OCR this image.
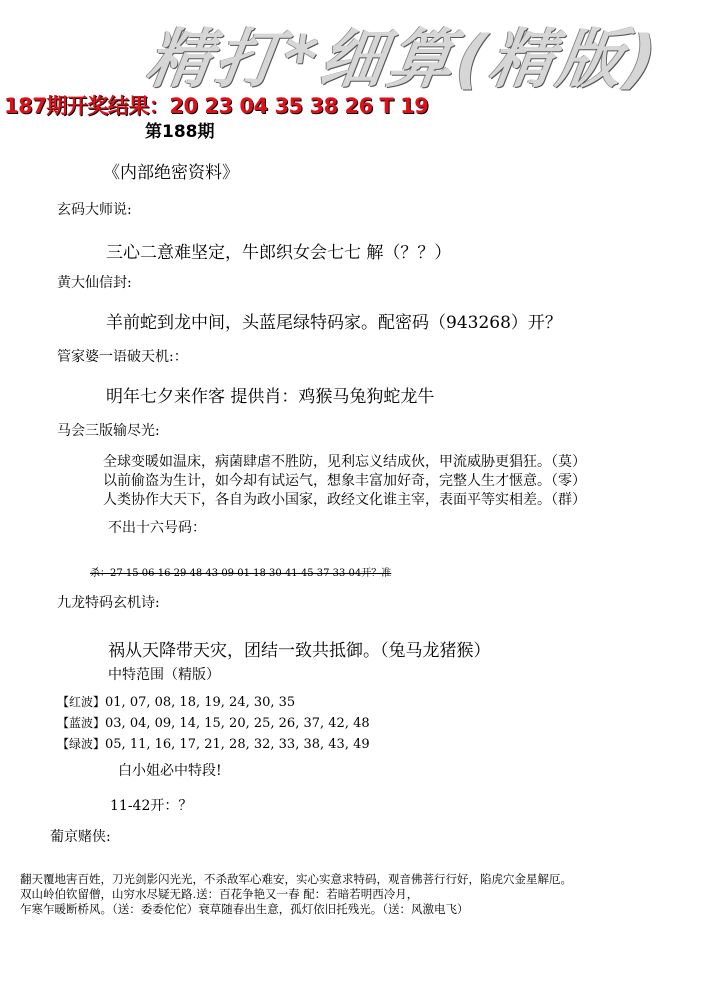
精打*细算(精版)
187期开奖结果：20 23 04 35 38 26 T 19
第188期
《内部绝密资料》
玄码大师说:
三心二意难坚定，牛郎织女会七七 解（？？）
黄大仙信封:
羊前蛇到龙中间，头蓝尾绿特码家。配密码（943268）开？
管家婆一语破天机:：
明年七夕来作客 提供肖：鸡猴马兔狗蛇龙牛
马会三版输尽光:
全球变暖如温床，病菌肆虐不胜防，见利忘义结成伙，甲流威胁更猖狂。（莫）
以前偷盗为生计，如今却有试运气，想象丰富加好奇，完整人生才惬意。（零）
人类协作大天下，各自为政小国家，政经文化谁主宰，表面平等实相差。（群）
不出十六号码：
杀：27 15 06 16 29 48 43 09 01 18 30 41 45 37 33 04开？准
九龙特码玄机诗:
祸从天降带天灾，团结一致共抵御。（兔马龙猪猴）
中特范围（精版）
【红波】01, 07, 08, 18, 19, 24, 30, 35
【蓝波】03, 04, 09, 14, 15, 20, 25, 26, 37, 42, 48
【绿波】05, 11, 16, 17, 21, 28, 32, 33, 38, 43, 49
白小姐必中特段!
11-42开：？
葡京赌侠:
翻天覆地害百姓，刀光剑影闪光光，不杀敌军心难安，实心实意求特码，观音佛菩行行好，陷虎穴金星解厄。
双山岭伯钦留僧，山穷水尽疑无路.送：百花争艳又一春 配：若暗若明西冷月，
乍寒乍暖断桥风。（送：委委佗佗）衰草随春出生意，孤灯依旧托残光。（送：风激电飞）
